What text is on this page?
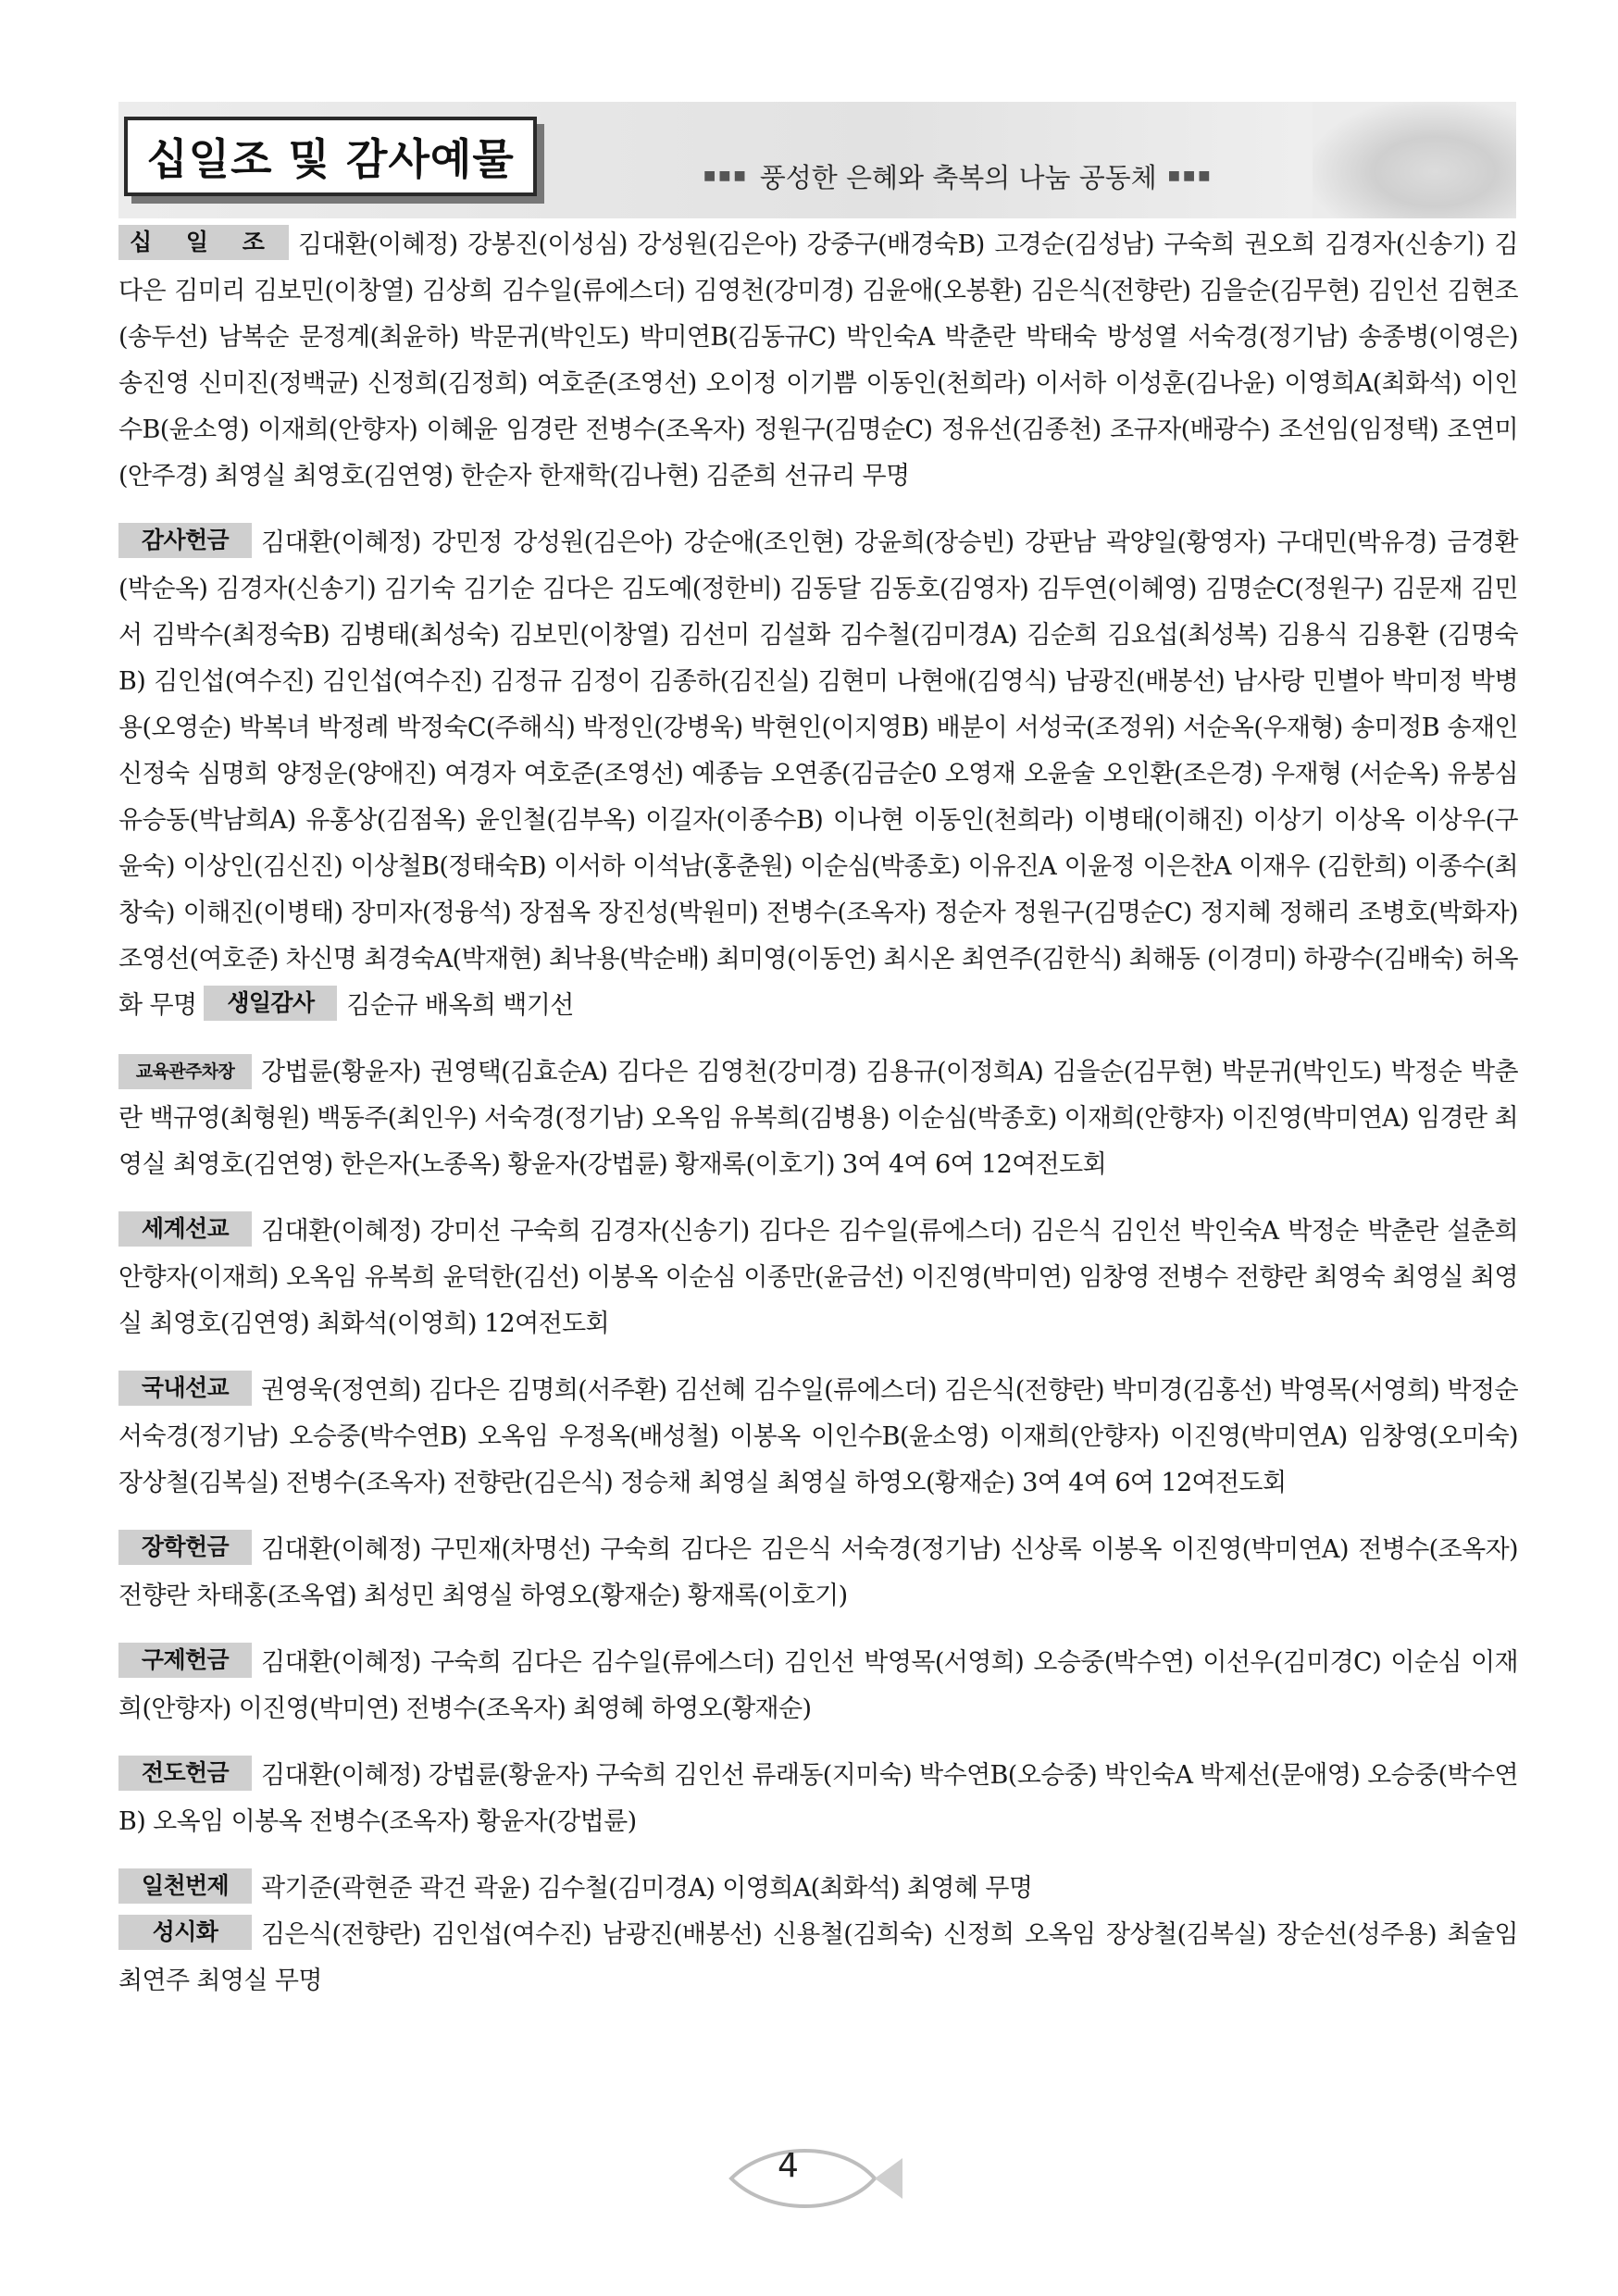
십일조 및 감사예물	■■■ 풍성한 은혜와 축복의 나눔 공동체 ■■■

십 일 조 김대환(이혜정) 강봉진(이성심) 강성원(김은아) 강중구(배경숙B) 고경순(김성남) 구숙희 권오희 김경자(신송기) 김다은 김미리 김보민(이창열) 김상희 김수일(류에스더) 김영천(강미경) 김윤애(오봉환) 김은식(전향란) 김을순(김무현) 김인선 김현조 (송두선) 남복순 문정계(최윤하) 박문귀(박인도) 박미연B(김동규C) 박인숙A 박춘란 박태숙 방성열 서숙경(정기남) 송종병(이영은) 송진영 신미진(정백균) 신정희(김정희) 여호준(조영선) 오이정 이기쁨 이동인(천희라) 이서하 이성훈(김나윤) 이영희A(최화석) 이인수B(윤소영) 이재희(안향자) 이혜윤 임경란 전병수(조옥자) 정원구(김명순C) 정유선(김종천) 조규자(배광수) 조선임(임정택) 조연미(안주경) 최영실 최영호(김연영) 한순자 한재학(김나현) 김준희 선규리 무명

감사헌금 김대환(이혜정) 강민정 강성원(김은아) 강순애(조인현) 강윤희(장승빈) 강판남 곽양일(황영자) 구대민(박유경) 금경환 (박순옥) 김경자(신송기) 김기숙 김기순 김다은 김도예(정한비) 김동달 김동호(김영자) 김두연(이혜영) 김명순C(정원구) 김문재 김민서 김박수(최정숙B) 김병태(최성숙) 김보민(이창열) 김선미 김설화 김수철(김미경A) 김순희 김요섭(최성복) 김용식 김용환 (김명숙B) 김인섭(여수진) 김인섭(여수진) 김정규 김정이 김종하(김진실) 김현미 나현애(김영식) 남광진(배봉선) 남사랑 민별아 박미정 박병용(오영순) 박복녀 박정례 박정숙C(주해식) 박정인(강병욱) 박현인(이지영B) 배분이 서성국(조정위) 서순옥(우재형) 송미정B 송재인 신정숙 심명희 양정운(양애진) 여경자 여호준(조영선) 예종늠 오연종(김금순0 오영재 오윤술 오인환(조은경) 우재형 (서순옥) 유봉심 유승동(박남희A) 유홍상(김점옥) 윤인철(김부옥) 이길자(이종수B) 이나현 이동인(천희라) 이병태(이해진) 이상기 이상옥 이상우(구윤숙) 이상인(김신진) 이상철B(정태숙B) 이서하 이석남(홍춘원) 이순심(박종호) 이유진A 이윤정 이은찬A 이재우 (김한희) 이종수(최창숙) 이해진(이병태) 장미자(정융석) 장점옥 장진성(박원미) 전병수(조옥자) 정순자 정원구(김명순C) 정지혜 정해리 조병호(박화자) 조영선(여호준) 차신명 최경숙A(박재현) 최낙용(박순배) 최미영(이동언) 최시온 최연주(김한식) 최해동 (이경미) 하광수(김배숙) 허옥화 무명 생일감사 김순규 배옥희 백기선

교육관주차장 강법륜(황윤자) 권영택(김효순A) 김다은 김영천(강미경) 김용규(이정희A) 김을순(김무현) 박문귀(박인도) 박정순 박춘란 백규영(최형원) 백동주(최인우) 서숙경(정기남) 오옥임 유복희(김병용) 이순심(박종호) 이재희(안향자) 이진영(박미연A) 임경란 최영실 최영호(김연영) 한은자(노종옥) 황윤자(강법륜) 황재록(이호기) 3여 4여 6여 12여전도회

세계선교 김대환(이혜정) 강미선 구숙희 김경자(신송기) 김다은 김수일(류에스더) 김은식 김인선 박인숙A 박정순 박춘란 설춘희 안향자(이재희) 오옥임 유복희 윤덕한(김선) 이봉옥 이순심 이종만(윤금선) 이진영(박미연) 임창영 전병수 전향란 최영숙 최영실 최영실 최영호(김연영) 최화석(이영희) 12여전도회

국내선교 권영욱(정연희) 김다은 김명희(서주환) 김선혜 김수일(류에스더) 김은식(전향란) 박미경(김홍선) 박영목(서영희) 박정순 서숙경(정기남) 오승중(박수연B) 오옥임 우정옥(배성철) 이봉옥 이인수B(윤소영) 이재희(안향자) 이진영(박미연A) 임창영(오미숙) 장상철(김복실) 전병수(조옥자) 전향란(김은식) 정승채 최영실 최영실 하영오(황재순) 3여 4여 6여 12여전도회

장학헌금 김대환(이혜정) 구민재(차명선) 구숙희 김다은 김은식 서숙경(정기남) 신상록 이봉옥 이진영(박미연A) 전병수(조옥자) 전향란 차태홍(조옥엽) 최성민 최영실 하영오(황재순) 황재록(이호기)

구제헌금 김대환(이혜정) 구숙희 김다은 김수일(류에스더) 김인선 박영목(서영희) 오승중(박수연) 이선우(김미경C) 이순심 이재희(안향자) 이진영(박미연) 전병수(조옥자) 최영혜 하영오(황재순)

전도헌금 김대환(이혜정) 강법륜(황윤자) 구숙희 김인선 류래동(지미숙) 박수연B(오승중) 박인숙A 박제선(문애영) 오승중(박수연B) 오옥임 이봉옥 전병수(조옥자) 황윤자(강법륜)

일천번제 곽기준(곽현준 곽건 곽윤) 김수철(김미경A) 이영희A(최화석) 최영혜 무명

성시화 김은식(전향란) 김인섭(여수진) 남광진(배봉선) 신용철(김희숙) 신정희 오옥임 장상철(김복실) 장순선(성주용) 최술임 최연주 최영실 무명

4
